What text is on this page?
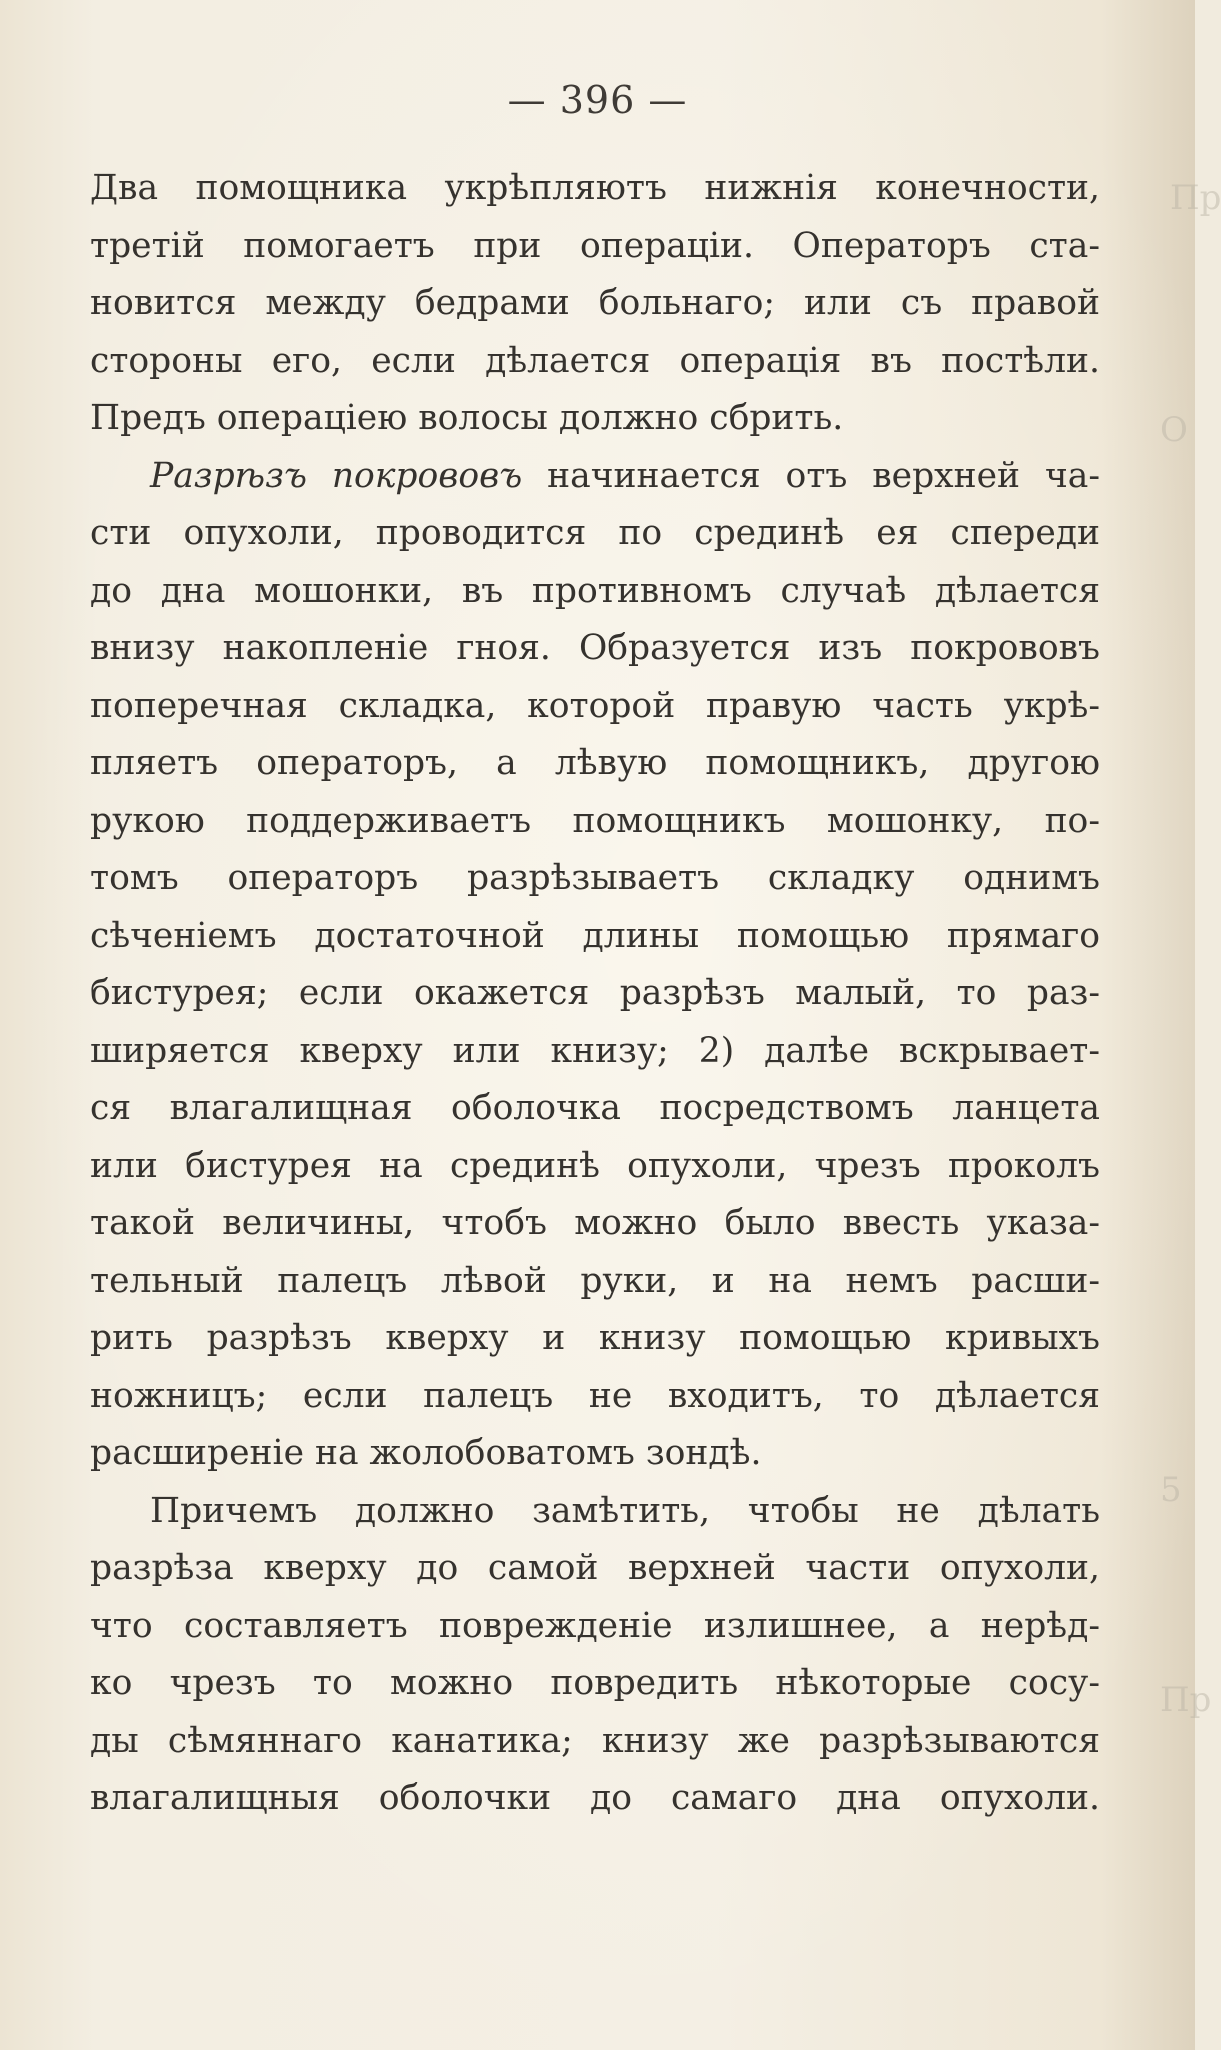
Пр
О
5
Пр
— 396 —
Два помощника укрѣпляютъ нижнія конечности,
третій помогаетъ при операціи. Операторъ ста-
новится между бедрами больнаго; или съ правой
стороны его, если дѣлается операція въ постѣли.
Предъ операціею волосы должно сбрить.
Разрѣзъ покрововъ начинается отъ верхней ча-
сти опухоли, проводится по срединѣ ея спереди
до дна мошонки, въ противномъ случаѣ дѣлается
внизу накопленіе гноя. Образуется изъ покрововъ
поперечная складка, которой правую часть укрѣ-
пляетъ операторъ, а лѣвую помощникъ, другою
рукою поддерживаетъ помощникъ мошонку, по-
томъ операторъ разрѣзываетъ складку однимъ
сѣченіемъ достаточной длины помощью прямаго
бистурея; если окажется разрѣзъ малый, то раз-
ширяется кверху или книзу; 2) далѣе вскрывает-
ся влагалищная оболочка посредствомъ ланцета
или бистурея на срединѣ опухоли, чрезъ проколъ
такой величины, чтобъ можно было ввесть указа-
тельный палецъ лѣвой руки, и на немъ расши-
рить разрѣзъ кверху и книзу помощью кривыхъ
ножницъ; если палецъ не входитъ, то дѣлается
расширеніе на жолобоватомъ зондѣ.
Причемъ должно замѣтить, чтобы не дѣлать
разрѣза кверху до самой верхней части опухоли,
что составляетъ поврежденіе излишнее, а нерѣд-
ко чрезъ то можно повредить нѣкоторые сосу-
ды сѣмяннаго канатика; книзу же разрѣзываются
влагалищныя оболочки до самаго дна опухоли.
